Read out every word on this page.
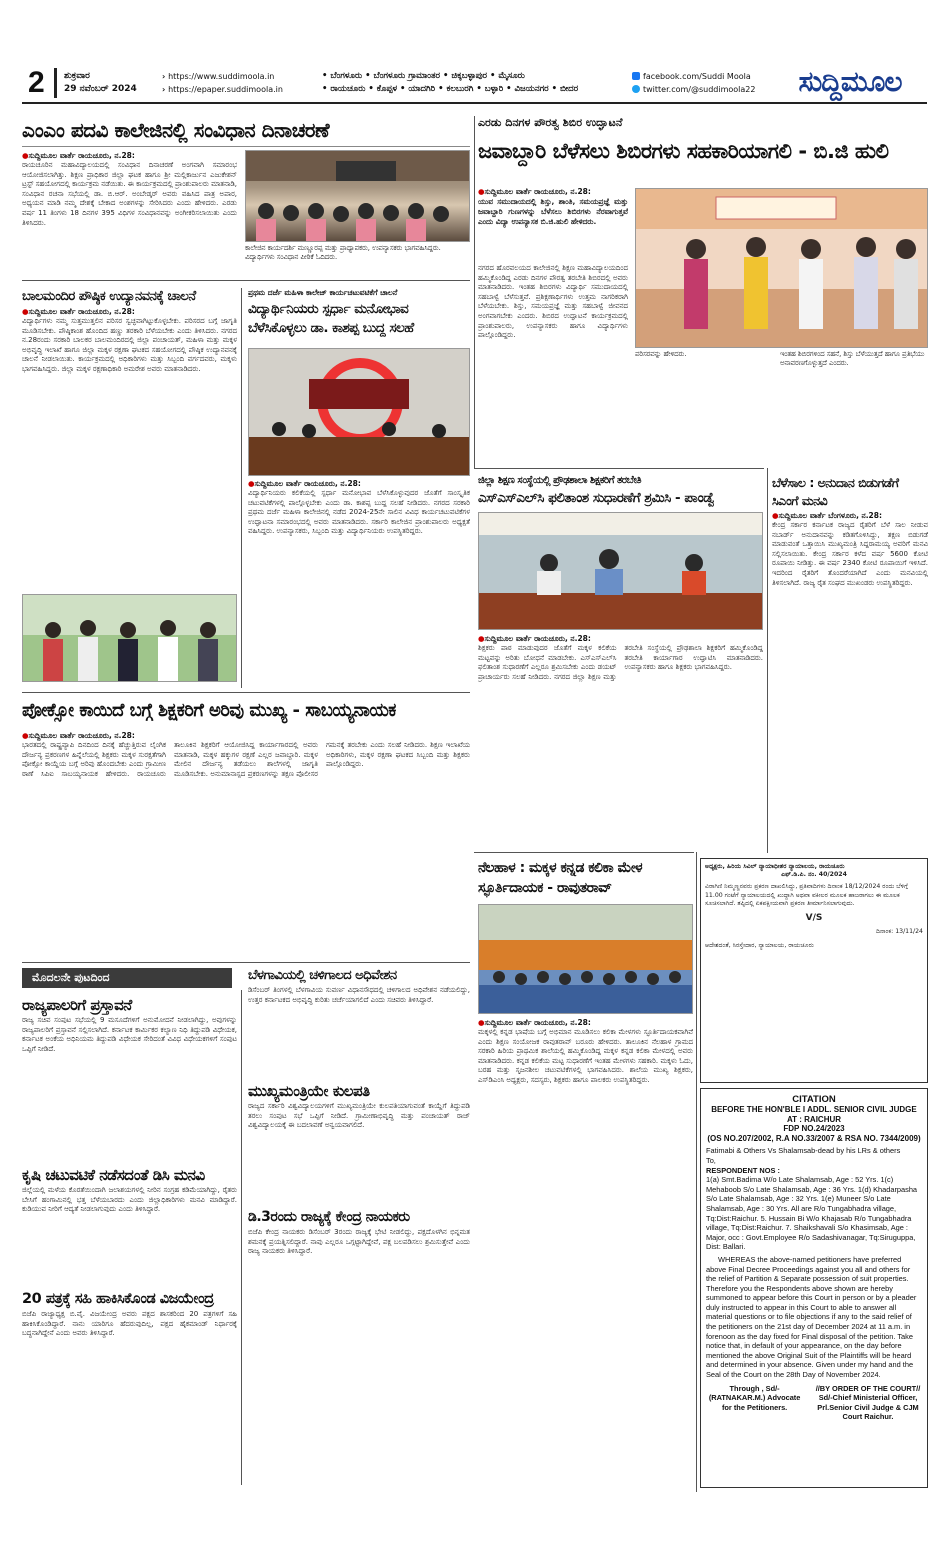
2 ಶುಕ್ರವಾರ
29 ನವೆಂಬರ್ 2024
› https://www.suddimoola.in
› https://epaper.suddimoola.in
• ಬೆಂಗಳೂರು • ಬೆಂಗಳೂರು ಗ್ರಾಮಾಂತರ • ಚಿಕ್ಕಬಳ್ಳಾಪುರ • ಮೈಸೂರು
• ರಾಯಚೂರು • ಕೊಪ್ಪಳ • ಯಾದಗಿರಿ • ಕಲಬುರಗಿ • ಬಳ್ಳಾರಿ • ವಿಜಯನಗರ • ಬೀದರ
facebook.com/Suddi Moola
twitter.com/@suddimoola22	ಸುದ್ದಿಮೂಲ
ಎಂಎಂ ಪದವಿ ಕಾಲೇಜಿನಲ್ಲಿ ಸಂವಿಧಾನ ದಿನಾಚರಣೆ
● ಸುದ್ದಿಮೂಲ ವಾರ್ತೆ ರಾಯಚೂರು, ನ.28:
ರಾಯಚೂರಿನ ಮಹಾವಿದ್ಯಾಲಯದಲ್ಲಿ ಸಂವಿಧಾನ ದಿನಾಚರಣೆ ಅಂಗವಾಗಿ ಸಮಾರಂಭ ಆಯೋಜಿಸಲಾಗಿತ್ತು. ಶಿಕ್ಷಣ ಪ್ರಾಧಿಕಾರ ಜಿಲ್ಲಾ ಘಟಕ ಹಾಗೂ ಶ್ರೀ ಮಲ್ಲಿಕಾರ್ಜುನ ಎಜುಕೇಶನ್ ಟ್ರಸ್ಟ್ ಸಹಯೋಗದಲ್ಲಿ ಕಾರ್ಯಕ್ರಮ ನಡೆಯಿತು. ಈ ಕಾರ್ಯಕ್ರಮದಲ್ಲಿ ಪ್ರಾಂಶುಪಾಲರು ಮಾತನಾಡಿ, ಸಂವಿಧಾನ ರಚನಾ ಸಭೆಯಲ್ಲಿ ಡಾ. ಬಿ.ಆರ್. ಅಂಬೇಡ್ಕರ್ ಅವರು ವಹಿಸಿದ ಪಾತ್ರ ಅಪಾರ, ಅಧ್ಯಯನ ಮಾಡಿ ನಮ್ಮ ದೇಶಕ್ಕೆ ಬೇಕಾದ ಅಂಶಗಳನ್ನು ಸೇರಿಸಿದರು ಎಂದು ಹೇಳಿದರು. ಎರಡು ವರ್ಷ 11 ತಿಂಗಳು 18 ದಿನಗಳ 395 ವಿಧಿಗಳ ಸಂವಿಧಾನವನ್ನು ಅಂಗೀಕರಿಸಲಾಯಿತು ಎಂದು ತಿಳಿಸಿದರು.
ಕಾಲೇಜಿನ ಕಾರ್ಯದರ್ಶಿ ಮಣ್ಣೂರಪ್ಪ ಮತ್ತು ಪ್ರಾಧ್ಯಾಪಕರು, ಉಪನ್ಯಾಸಕರು ಭಾಗವಹಿಸಿದ್ದರು. ವಿದ್ಯಾರ್ಥಿಗಳು ಸಂವಿಧಾನ ಪೀಠಿಕೆ ಓದಿದರು.
ಎರಡು ದಿನಗಳ ಪೌರತ್ವ ಶಿಬಿರ ಉದ್ಘಾಟನೆ
ಜವಾಬ್ದಾರಿ ಬೆಳೆಸಲು ಶಿಬಿರಗಳು ಸಹಕಾರಿಯಾಗಲಿ - ಬಿ.ಜಿ ಹುಲಿ
● ಸುದ್ದಿಮೂಲ ವಾರ್ತೆ ರಾಯಚೂರು, ನ.28:
ಯುವ ಸಮುದಾಯದಲ್ಲಿ ಶಿಸ್ತು, ಶಾಂತಿ, ಸಮಯಪ್ರಜ್ಞೆ ಮತ್ತು ಜವಾಬ್ದಾರಿ ಗುಣಗಳನ್ನು ಬೆಳೆಸಲು ಶಿಬಿರಗಳು ನೆರವಾಗುತ್ತವೆ ಎಂದು ವಿದ್ಯಾ ಉಪನ್ಯಾಸಕ ಬಿ.ಜಿ.ಹುಲಿ ಹೇಳಿದರು.
ನಗರದ ಹೊರವಲಯದ ಕಾಲೇಜಿನಲ್ಲಿ ಶಿಕ್ಷಣ ಮಹಾವಿದ್ಯಾಲಯದಿಂದ ಹಮ್ಮಿಕೊಂಡಿದ್ದ ಎರಡು ದಿನಗಳ ಪೌರತ್ವ ತರಬೇತಿ ಶಿಬಿರದಲ್ಲಿ ಅವರು ಮಾತನಾಡಿದರು. ಇಂತಹ ಶಿಬಿರಗಳು ವಿದ್ಯಾರ್ಥಿ ಸಮುದಾಯದಲ್ಲಿ ಸಹಬಾಳ್ವೆ ಬೆಳೆಸುತ್ತವೆ. ಪ್ರಶಿಕ್ಷಣಾರ್ಥಿಗಳು ಉತ್ತಮ ನಾಗರಿಕರಾಗಿ ಬೆಳೆಯಬೇಕು. ಶಿಸ್ತು, ಸಮಯಪ್ರಜ್ಞೆ ಮತ್ತು ಸಹಬಾಳ್ವೆ ಜೀವನದ ಅಂಗವಾಗಬೇಕು ಎಂದರು. ಶಿಬಿರದ ಉದ್ಘಾಟನೆ ಕಾರ್ಯಕ್ರಮದಲ್ಲಿ ಪ್ರಾಂಶುಪಾಲರು, ಉಪನ್ಯಾಸಕರು ಹಾಗೂ ವಿದ್ಯಾರ್ಥಿಗಳು ಪಾಲ್ಗೊಂಡಿದ್ದರು.
ಪರಿಸರವನ್ನು ಹೇಳಿದರು.	ಇಂತಹ ಶಿಬಿರಗಳಿಂದ ಸಹನೆ, ಶಿಸ್ತು ಬೆಳೆಯುತ್ತದೆ ಹಾಗೂ ಪ್ರತಿಭೆಯು ಅನಾವರಣಗೊಳ್ಳುತ್ತದೆ ಎಂದರು.
ಬಾಲಮಂದಿರ ಪೌಷ್ಠಿಕ ಉದ್ಯಾನವನಕ್ಕೆ ಚಾಲನೆ
● ಸುದ್ದಿಮೂಲ ವಾರ್ತೆ ರಾಯಚೂರು, ನ.28:
ವಿದ್ಯಾರ್ಥಿಗಳು ನಮ್ಮ ಸುತ್ತಮುತ್ತಲಿನ ಪರಿಸರ ಸ್ವಚ್ಛವಾಗಿಟ್ಟುಕೊಳ್ಳಬೇಕು. ಪರಿಸರದ ಬಗ್ಗೆ ಜಾಗೃತಿ ಮೂಡಿಸಬೇಕು. ಪೌಷ್ಠಿಕಾಂಶ ಹೊಂದಿದ ಹಣ್ಣು ತರಕಾರಿ ಬೆಳೆಯಬೇಕು ಎಂದು ತಿಳಿಸಿದರು. ನಗರದ ನ.28ರಂದು ಸರಕಾರಿ ಬಾಲಕರ ಬಾಲಮಂದಿರದಲ್ಲಿ ಜಿಲ್ಲಾ ಪಂಚಾಯತ್, ಮಹಿಳಾ ಮತ್ತು ಮಕ್ಕಳ ಅಭಿವೃದ್ಧಿ ಇಲಾಖೆ ಹಾಗೂ ಜಿಲ್ಲಾ ಮಕ್ಕಳ ರಕ್ಷಣಾ ಘಟಕದ ಸಹಯೋಗದಲ್ಲಿ ಪೌಷ್ಠಿಕ ಉದ್ಯಾನವನಕ್ಕೆ ಚಾಲನೆ ನೀಡಲಾಯಿತು. ಕಾರ್ಯಕ್ರಮದಲ್ಲಿ ಅಧಿಕಾರಿಗಳು ಮತ್ತು ಸಿಬ್ಬಂದಿ ವರ್ಗದವರು, ಮಕ್ಕಳು ಭಾಗವಹಿಸಿದ್ದರು. ಜಿಲ್ಲಾ ಮಕ್ಕಳ ರಕ್ಷಣಾಧಿಕಾರಿ ಅಮರೇಶ ಅವರು ಮಾತನಾಡಿದರು.
ಪ್ರಥಮ ದರ್ಜೆ ಮಹಿಳಾ ಕಾಲೇಜ್ ಕಾರ್ಯಚಟುವಟಿಕೆಗೆ ಚಾಲನೆ
ವಿದ್ಯಾರ್ಥಿನಿಯರು ಸ್ಪರ್ಧಾ ಮನೋಭಾವ ಬೆಳೆಸಿಕೊಳ್ಳಲು ಡಾ. ಕಾಶಪ್ಪ ಬುದ್ದ ಸಲಹೆ
● ಸುದ್ದಿಮೂಲ ವಾರ್ತೆ ರಾಯಚೂರು, ನ.28:
ವಿದ್ಯಾರ್ಥಿನಿಯರು ಕಲಿಕೆಯಲ್ಲಿ ಸ್ಪರ್ಧಾ ಮನೋಭಾವ ಬೆಳೆಸಿಕೊಳ್ಳುವುದರ ಜೊತೆಗೆ ಸಾಂಸ್ಕೃತಿಕ ಚಟುವಟಿಕೆಗಳಲ್ಲಿ ಪಾಲ್ಗೊಳ್ಳಬೇಕು ಎಂದು ಡಾ. ಕಾಶಪ್ಪ ಬುದ್ದ ಸಲಹೆ ನೀಡಿದರು. ನಗರದ ಸರಕಾರಿ ಪ್ರಥಮ ದರ್ಜೆ ಮಹಿಳಾ ಕಾಲೇಜಿನಲ್ಲಿ ನಡೆದ 2024-25ನೇ ಸಾಲಿನ ವಿವಿಧ ಕಾರ್ಯಚಟುವಟಿಕೆಗಳ ಉದ್ಘಾಟನಾ ಸಮಾರಂಭದಲ್ಲಿ ಅವರು ಮಾತನಾಡಿದರು. ಸರ್ಕಾರಿ ಕಾಲೇಜಿನ ಪ್ರಾಂಶುಪಾಲರು ಅಧ್ಯಕ್ಷತೆ ವಹಿಸಿದ್ದರು. ಉಪನ್ಯಾಸಕರು, ಸಿಬ್ಬಂದಿ ಮತ್ತು ವಿದ್ಯಾರ್ಥಿನಿಯರು ಉಪಸ್ಥಿತರಿದ್ದರು.
ಜಿಲ್ಲಾ ಶಿಕ್ಷಣ ಸಂಸ್ಥೆಯಲ್ಲಿ ಪ್ರೌಢಶಾಲಾ ಶಿಕ್ಷಕರಿಗೆ ತರಬೇತಿ
ಎಸ್‌ಎಸ್‌ಎಲ್‌ಸಿ ಫಲಿತಾಂಶ ಸುಧಾರಣೆಗೆ ಶ್ರಮಿಸಿ - ಪಾಂಡ್ವೆ
● ಸುದ್ದಿಮೂಲ ವಾರ್ತೆ ರಾಯಚೂರು, ನ.28:
ಶಿಕ್ಷಕರು ಪಾಠ ಮಾಡುವುದರ ಜೊತೆಗೆ ಮಕ್ಕಳ ಕಲಿಕೆಯ ಮಟ್ಟವನ್ನು ಅರಿತು ಬೋಧನೆ ಮಾಡಬೇಕು. ಎಸ್‌ಎಸ್‌ಎಲ್‌ಸಿ ಫಲಿತಾಂಶ ಸುಧಾರಣೆಗೆ ಎಲ್ಲರೂ ಶ್ರಮಿಸಬೇಕು ಎಂದು ಡಯಟ್ ಪ್ರಾಚಾರ್ಯರು ಸಲಹೆ ನೀಡಿದರು. ನಗರದ ಜಿಲ್ಲಾ ಶಿಕ್ಷಣ ಮತ್ತು ತರಬೇತಿ ಸಂಸ್ಥೆಯಲ್ಲಿ ಪ್ರೌಢಶಾಲಾ ಶಿಕ್ಷಕರಿಗೆ ಹಮ್ಮಿಕೊಂಡಿದ್ದ ತರಬೇತಿ ಕಾರ್ಯಾಗಾರ ಉದ್ಘಾಟಿಸಿ ಮಾತನಾಡಿದರು. ಉಪನ್ಯಾಸಕರು ಹಾಗೂ ಶಿಕ್ಷಕರು ಭಾಗವಹಿಸಿದ್ದರು.
ಬೆಳೆಸಾಲ : ಅನುದಾನ ಬಿಡುಗಡೆಗೆ ಸಿಎಂಗೆ ಮನವಿ
● ಸುದ್ದಿಮೂಲ ವಾರ್ತೆ ಬೆಂಗಳೂರು, ನ.28:
ಕೇಂದ್ರ ಸರ್ಕಾರ ಕರ್ನಾಟಕ ರಾಜ್ಯದ ರೈತರಿಗೆ ಬೆಳೆ ಸಾಲ ನೀಡುವ ನಬಾರ್ಡ್ ಅನುದಾನವನ್ನು ಕಡಿತಗೊಳಿಸಿದ್ದು, ತಕ್ಷಣ ಬಿಡುಗಡೆ ಮಾಡುವಂತೆ ಒತ್ತಾಯಿಸಿ ಮುಖ್ಯಮಂತ್ರಿ ಸಿದ್ದರಾಮಯ್ಯ ಅವರಿಗೆ ಮನವಿ ಸಲ್ಲಿಸಲಾಯಿತು. ಕೇಂದ್ರ ಸರ್ಕಾರ ಕಳೆದ ವರ್ಷ 5600 ಕೋಟಿ ರೂಪಾಯಿ ನೀಡಿತ್ತು. ಈ ವರ್ಷ 2340 ಕೋಟಿ ರೂಪಾಯಿಗೆ ಇಳಿಸಿದೆ. ಇದರಿಂದ ರೈತರಿಗೆ ತೊಂದರೆಯಾಗಿದೆ ಎಂದು ಮನವಿಯಲ್ಲಿ ತಿಳಿಸಲಾಗಿದೆ. ರಾಜ್ಯ ರೈತ ಸಂಘದ ಮುಖಂಡರು ಉಪಸ್ಥಿತರಿದ್ದರು.
ಪೋಕ್ಸೋ ಕಾಯಿದೆ ಬಗ್ಗೆ ಶಿಕ್ಷಕರಿಗೆ ಅರಿವು ಮುಖ್ಯ - ಸಾಬಯ್ಯನಾಯಕ
● ಸುದ್ದಿಮೂಲ ವಾರ್ತೆ ರಾಯಚೂರು, ನ.28:
ಭಾರತದಲ್ಲಿ ರಾಷ್ಟ್ರವ್ಯಾಪಿ ದಿನದಿಂದ ದಿನಕ್ಕೆ ಹೆಚ್ಚುತ್ತಿರುವ ಲೈಂಗಿಕ ದೌರ್ಜನ್ಯ ಪ್ರಕರಣಗಳ ಹಿನ್ನೆಲೆಯಲ್ಲಿ ಶಿಕ್ಷಕರು ಮಕ್ಕಳ ಸುರಕ್ಷತೆಗಾಗಿ ಪೋಕ್ಸೋ ಕಾಯ್ದೆಯ ಬಗ್ಗೆ ಅರಿವು ಹೊಂದಬೇಕು ಎಂದು ಗ್ರಾಮೀಣ ಠಾಣೆ ಸಿಪಿಐ ಸಾಬಯ್ಯನಾಯಕ ಹೇಳಿದರು. ರಾಯಚೂರು ತಾಲೂಕಿನ ಶಿಕ್ಷಕರಿಗೆ ಆಯೋಜಿಸಿದ್ದ ಕಾರ್ಯಾಗಾರದಲ್ಲಿ ಅವರು ಮಾತನಾಡಿ, ಮಕ್ಕಳ ಹಕ್ಕುಗಳ ರಕ್ಷಣೆ ಎಲ್ಲರ ಜವಾಬ್ದಾರಿ. ಮಕ್ಕಳ ಮೇಲಿನ ದೌರ್ಜನ್ಯ ತಡೆಯಲು ಶಾಲೆಗಳಲ್ಲಿ ಜಾಗೃತಿ ಮೂಡಿಸಬೇಕು. ಅನುಮಾನಾಸ್ಪದ ಪ್ರಕರಣಗಳನ್ನು ತಕ್ಷಣ ಪೊಲೀಸರ ಗಮನಕ್ಕೆ ತರಬೇಕು ಎಂದು ಸಲಹೆ ನೀಡಿದರು. ಶಿಕ್ಷಣ ಇಲಾಖೆಯ ಅಧಿಕಾರಿಗಳು, ಮಕ್ಕಳ ರಕ್ಷಣಾ ಘಟಕದ ಸಿಬ್ಬಂದಿ ಮತ್ತು ಶಿಕ್ಷಕರು ಪಾಲ್ಗೊಂಡಿದ್ದರು.
ನೆಲಹಾಳ : ಮಕ್ಕಳ ಕನ್ನಡ ಕಲಿಕಾ ಮೇಳ ಸ್ಫೂರ್ತಿದಾಯಕ - ರಾವುತರಾವ್
● ಸುದ್ದಿಮೂಲ ವಾರ್ತೆ ರಾಯಚೂರು, ನ.28:
ಮಕ್ಕಳಲ್ಲಿ ಕನ್ನಡ ಭಾಷೆಯ ಬಗ್ಗೆ ಅಭಿಮಾನ ಮೂಡಿಸಲು ಕಲಿಕಾ ಮೇಳಗಳು ಸ್ಫೂರ್ತಿದಾಯಕವಾಗಿವೆ ಎಂದು ಶಿಕ್ಷಣ ಸಂಯೋಜಕ ರಾವುತರಾವ್ ಬರೂರು ಹೇಳಿದರು. ತಾಲೂಕಿನ ನೆಲಹಾಳ ಗ್ರಾಮದ ಸರಕಾರಿ ಹಿರಿಯ ಪ್ರಾಥಮಿಕ ಶಾಲೆಯಲ್ಲಿ ಹಮ್ಮಿಕೊಂಡಿದ್ದ ಮಕ್ಕಳ ಕನ್ನಡ ಕಲಿಕಾ ಮೇಳದಲ್ಲಿ ಅವರು ಮಾತನಾಡಿದರು. ಕನ್ನಡ ಕಲಿಕೆಯ ಮಟ್ಟ ಸುಧಾರಣೆಗೆ ಇಂತಹ ಮೇಳಗಳು ಸಹಕಾರಿ. ಮಕ್ಕಳು ಓದು, ಬರಹ ಮತ್ತು ಸೃಜನಶೀಲ ಚಟುವಟಿಕೆಗಳಲ್ಲಿ ಭಾಗವಹಿಸಿದರು. ಶಾಲೆಯ ಮುಖ್ಯ ಶಿಕ್ಷಕರು, ಎಸ್‌ಡಿಎಂಸಿ ಅಧ್ಯಕ್ಷರು, ಸದಸ್ಯರು, ಶಿಕ್ಷಕರು ಹಾಗೂ ಪಾಲಕರು ಉಪಸ್ಥಿತರಿದ್ದರು.
ಅಧ್ಯಕ್ಷರು, ಹಿರಿಯ ಸಿವಿಲ್ ನ್ಯಾಯಾಧೀಶರ ನ್ಯಾಯಾಲಯ, ರಾಯಚೂರು
ಎಫ್.ಡಿ.ಪಿ. ನಂ. 40/2024
ವಿರಾಗಿಣಿ ನಿಮ್ಮಣ್ಣನವರು ಪ್ರಕರಣ ದಾಖಲಿಸಿದ್ದು, ಪ್ರತಿವಾದಿಗಳು ದಿನಾಂಕ 18/12/2024 ರಂದು ಬೆಳಿಗ್ಗೆ 11.00 ಗಂಟೆಗೆ ನ್ಯಾಯಾಲಯದಲ್ಲಿ ಖುದ್ದಾಗಿ ಅಥವಾ ವಕೀಲರ ಮೂಲಕ ಹಾಜರಾಗಲು ಈ ಮೂಲಕ ಸೂಚಿಸಲಾಗಿದೆ. ತಪ್ಪಿದಲ್ಲಿ ಏಕಪಕ್ಷೀಯವಾಗಿ ಪ್ರಕರಣ ತೀರ್ಮಾನಿಸಲಾಗುವುದು.
V/S
ದಿನಾಂಕ: 13/11/24
ಆದೇಶದಂತೆ, ಸಿರಸ್ತೇದಾರ, ನ್ಯಾಯಾಲಯ, ರಾಯಚೂರು
CITATION
BEFORE THE HON'BLE I ADDL. SENIOR CIVIL JUDGE AT : RAICHUR
FDP NO.24/2023
(OS NO.207/2002, R.A NO.33/2007 & RSA NO. 7344/2009)
Fatimabi & Others Vs Shalamsab-dead by his LRs & others
To,
RESPONDENT NOS :
1(a) Smt.Badima W/o Late Shalamsab, Age : 52 Yrs. 1(c) Mehaboob S/o Late Shalamsab, Age : 36 Yrs. 1(d) Khadarpasha S/o Late Shalamsab, Age : 32 Yrs. 1(e) Muneer S/o Late Shalamsab, Age : 30 Yrs. All are R/o Tungabhadra village, Tq:Dist:Raichur. 5. Hussain Bi W/o Khajasab R/o Tungabhadra village, Tq:Dist:Raichur. 7. Shaikshavali S/o Khasimsab, Age : Major, occ : Govt.Employee R/o Sadashivanagar, Tq:Siruguppa, Dist: Ballari.
WHEREAS the above-named petitioners have preferred above Final Decree Proceedings against you all and others for the relief of Partition & Separate possession of suit properties. Therefore you the Respondents above shown are hereby summoned to appear before this Court in person or by a pleader duly instructed to appear in this Court to able to answer all material questions or to file objections if any to the said relief of the petitioners on the 21st day of December 2024 at 11 a.m. in forenoon as the day fixed for Final disposal of the petition. Take notice that, in default of your appearance, on the day before mentioned the above Original Suit of the Plaintiffs will be heard and determined in your absence. Given under my hand and the Seal of the Court on the 28th Day of November 2024.
Through , Sd/- (RATNAKAR.M.) Advocate for the Petitioners.
//BY ORDER OF THE COURT// Sd/-Chief Ministerial Officer, Prl.Senior Civil Judge & CJM Court Raichur.
ಮೊದಲನೇ ಪುಟದಿಂದ
ರಾಜ್ಯಪಾಲರಿಗೆ ಪ್ರಸ್ತಾವನೆ
ರಾಜ್ಯ ಸಚಿವ ಸಂಪುಟ ಸಭೆಯಲ್ಲಿ 9 ಮಸೂದೆಗಳಿಗೆ ಅನುಮೋದನೆ ನೀಡಲಾಗಿದ್ದು, ಅವುಗಳನ್ನು ರಾಜ್ಯಪಾಲರಿಗೆ ಪ್ರಸ್ತಾವನೆ ಸಲ್ಲಿಸಲಾಗಿದೆ. ಕರ್ನಾಟಕ ಕಾರ್ಮಿಕರ ಕಲ್ಯಾಣ ನಿಧಿ ತಿದ್ದುಪಡಿ ವಿಧೇಯಕ, ಕರ್ನಾಟಕ ಅಂಕೆಯ ಅಧಿನಿಯಮ ತಿದ್ದುಪಡಿ ವಿಧೇಯಕ ಸೇರಿದಂತೆ ವಿವಿಧ ವಿಧೇಯಕಗಳಿಗೆ ಸಂಪುಟ ಒಪ್ಪಿಗೆ ನೀಡಿದೆ.
ಕೃಷಿ ಚಟುವಟಿಕೆ ನಡೆಸದಂತೆ ಡಿಸಿ ಮನವಿ
ಜಿಲ್ಲೆಯಲ್ಲಿ ಮಳೆಯ ಕೊರತೆಯಿಂದಾಗಿ ಜಲಾಶಯಗಳಲ್ಲಿ ನೀರಿನ ಸಂಗ್ರಹ ಕಡಿಮೆಯಾಗಿದ್ದು, ರೈತರು ಬೇಸಿಗೆ ಹಂಗಾಮಿನಲ್ಲಿ ಭತ್ತ ಬೆಳೆಯಬಾರದು ಎಂದು ಜಿಲ್ಲಾಧಿಕಾರಿಗಳು ಮನವಿ ಮಾಡಿದ್ದಾರೆ. ಕುಡಿಯುವ ನೀರಿಗೆ ಆದ್ಯತೆ ನೀಡಲಾಗುವುದು ಎಂದು ತಿಳಿಸಿದ್ದಾರೆ.
20 ಪತ್ರಕ್ಕೆ ಸಹಿ ಹಾಕಿಸಿಕೊಂಡ ವಿಜಯೇಂದ್ರ
ಬಿಜೆಪಿ ರಾಜ್ಯಾಧ್ಯಕ್ಷ ಬಿ.ವೈ. ವಿಜಯೇಂದ್ರ ಅವರು ಪಕ್ಷದ ಶಾಸಕರಿಂದ 20 ಪತ್ರಗಳಿಗೆ ಸಹಿ ಹಾಕಿಸಿಕೊಂಡಿದ್ದಾರೆ. ನಾನು ಯಾರಿಗೂ ಹೆದರುವುದಿಲ್ಲ, ಪಕ್ಷದ ಹೈಕಮಾಂಡ್ ನಿರ್ಧಾರಕ್ಕೆ ಬದ್ಧನಾಗಿದ್ದೇನೆ ಎಂದು ಅವರು ತಿಳಿಸಿದ್ದಾರೆ.
ಬೆಳಗಾವಿಯಲ್ಲಿ ಚಳಿಗಾಲದ ಅಧಿವೇಶನ
ಡಿಸೆಂಬರ್ ತಿಂಗಳಲ್ಲಿ ಬೆಳಗಾವಿಯ ಸುವರ್ಣ ವಿಧಾನಸೌಧದಲ್ಲಿ ಚಳಿಗಾಲದ ಅಧಿವೇಶನ ನಡೆಯಲಿದ್ದು, ಉತ್ತರ ಕರ್ನಾಟಕದ ಅಭಿವೃದ್ಧಿ ಕುರಿತು ಚರ್ಚೆಯಾಗಲಿದೆ ಎಂದು ಸಚಿವರು ತಿಳಿಸಿದ್ದಾರೆ.
ಮುಖ್ಯಮಂತ್ರಿಯೇ ಕುಲಪತಿ
ರಾಜ್ಯದ ಸರ್ಕಾರಿ ವಿಶ್ವವಿದ್ಯಾಲಯಗಳಿಗೆ ಮುಖ್ಯಮಂತ್ರಿಯೇ ಕುಲಪತಿಯಾಗುವಂತೆ ಕಾಯ್ದೆಗೆ ತಿದ್ದುಪಡಿ ತರಲು ಸಂಪುಟ ಸಭೆ ಒಪ್ಪಿಗೆ ನೀಡಿದೆ. ಗ್ರಾಮೀಣಾಭಿವೃದ್ಧಿ ಮತ್ತು ಪಂಚಾಯತ್ ರಾಜ್ ವಿಶ್ವವಿದ್ಯಾಲಯಕ್ಕೆ ಈ ಬದಲಾವಣೆ ಅನ್ವಯವಾಗಲಿದೆ.
ಡಿ.3ರಂದು ರಾಜ್ಯಕ್ಕೆ ಕೇಂದ್ರ ನಾಯಕರು
ಬಿಜೆಪಿ ಕೇಂದ್ರ ನಾಯಕರು ಡಿಸೆಂಬರ್ 3ರಂದು ರಾಜ್ಯಕ್ಕೆ ಭೇಟಿ ನೀಡಲಿದ್ದು, ಪಕ್ಷದೊಳಗಿನ ಭಿನ್ನಮತ ಶಮನಕ್ಕೆ ಪ್ರಯತ್ನಿಸಲಿದ್ದಾರೆ. ನಾವು ಎಲ್ಲರೂ ಒಗ್ಗಟ್ಟಾಗಿದ್ದೇವೆ, ಪಕ್ಷ ಬಲಪಡಿಸಲು ಶ್ರಮಿಸುತ್ತೇವೆ ಎಂದು ರಾಜ್ಯ ನಾಯಕರು ತಿಳಿಸಿದ್ದಾರೆ.
